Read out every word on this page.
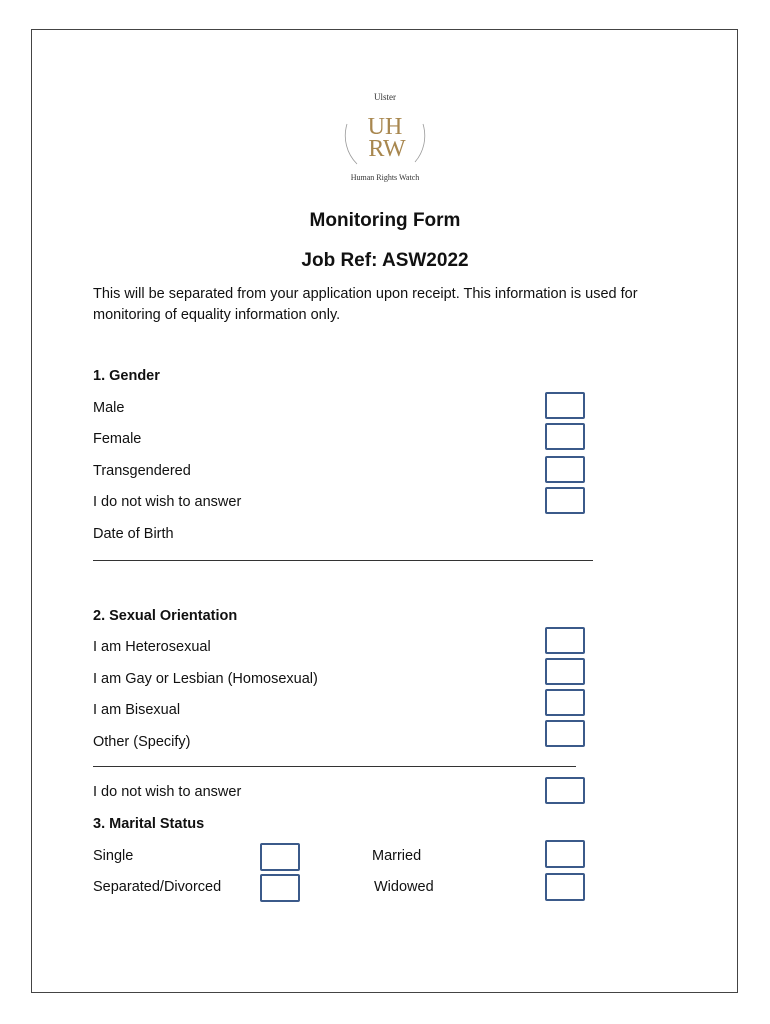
Ulster
UH
RW
Human Rights Watch
Monitoring Form
Job Ref: ASW2022
This will be separated from your application upon receipt. This information is used for monitoring of equality information only.
1. Gender
Male
Female
Transgendered
I do not wish to answer
Date of Birth
2. Sexual Orientation
I am Heterosexual
I am Gay or Lesbian (Homosexual)
I am Bisexual
Other (Specify)
I do not wish to answer
3. Marital Status
Single
Separated/Divorced
Married
Widowed
